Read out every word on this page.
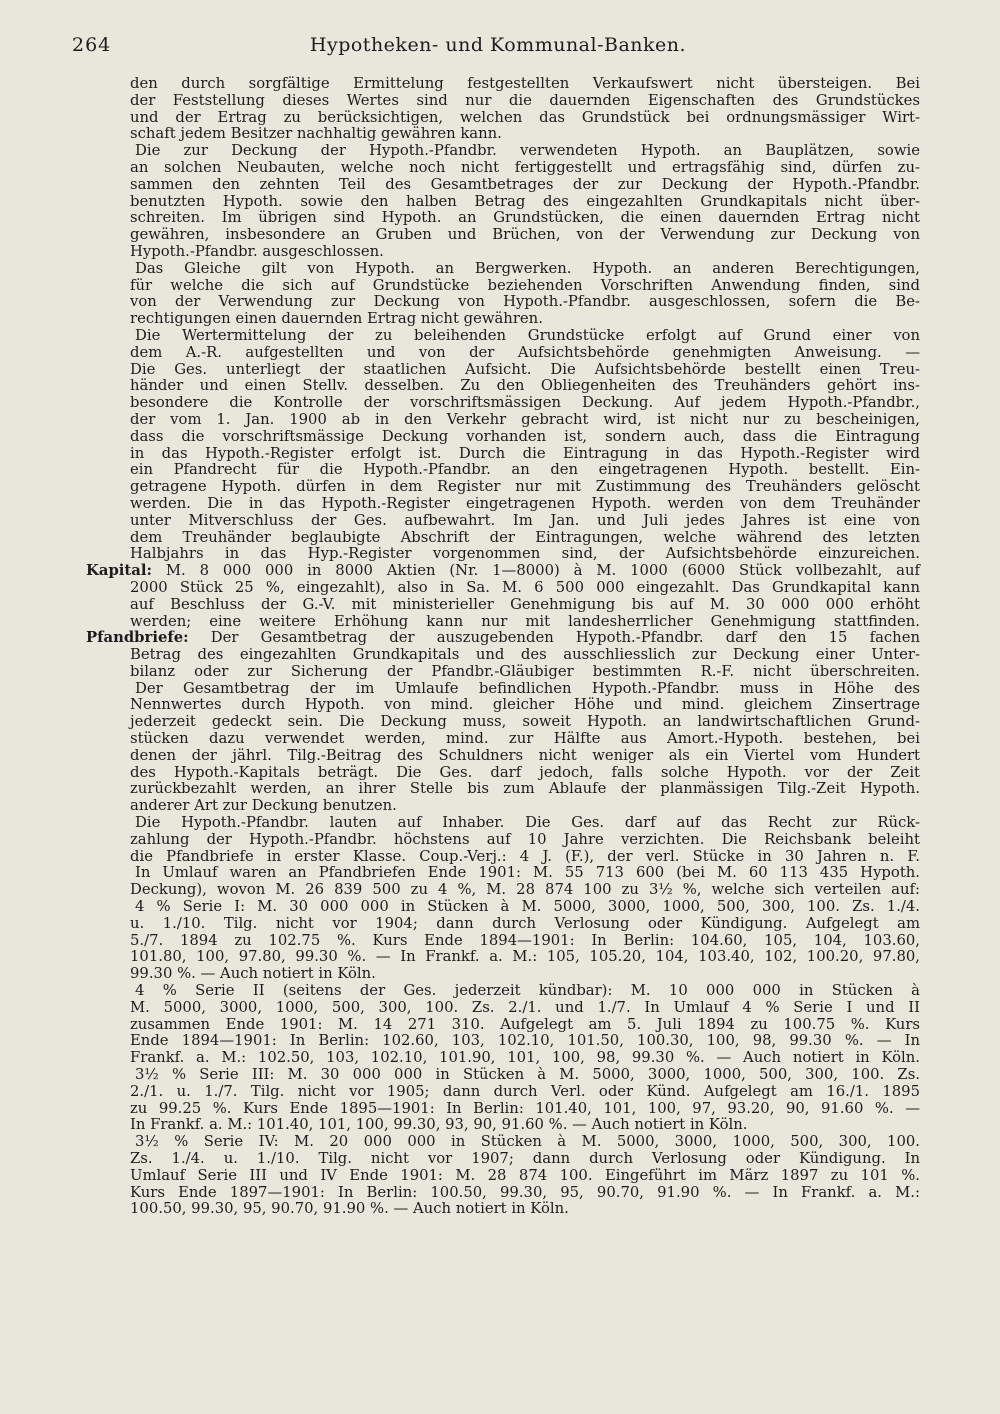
264	Hypotheken- und Kommunal-Banken.
den durch sorgfältige Ermittelung festgestellten Verkaufswert nicht übersteigen. Bei
der Feststellung dieses Wertes sind nur die dauernden Eigenschaften des Grundstückes
und der Ertrag zu berücksichtigen, welchen das Grundstück bei ordnungsmässiger Wirt-
schaft jedem Besitzer nachhaltig gewähren kann.
Die zur Deckung der Hypoth.-Pfandbr. verwendeten Hypoth. an Bauplätzen, sowie
an solchen Neubauten, welche noch nicht fertiggestellt und ertragsfähig sind, dürfen zu-
sammen den zehnten Teil des Gesamtbetrages der zur Deckung der Hypoth.-Pfandbr.
benutzten Hypoth. sowie den halben Betrag des eingezahlten Grundkapitals nicht über-
schreiten. Im übrigen sind Hypoth. an Grundstücken, die einen dauernden Ertrag nicht
gewähren, insbesondere an Gruben und Brüchen, von der Verwendung zur Deckung von
Hypoth.-Pfandbr. ausgeschlossen.
Das Gleiche gilt von Hypoth. an Bergwerken. Hypoth. an anderen Berechtigungen,
für welche die sich auf Grundstücke beziehenden Vorschriften Anwendung finden, sind
von der Verwendung zur Deckung von Hypoth.-Pfandbr. ausgeschlossen, sofern die Be-
rechtigungen einen dauernden Ertrag nicht gewähren.
Die Wertermittelung der zu beleihenden Grundstücke erfolgt auf Grund einer von
dem A.-R. aufgestellten und von der Aufsichtsbehörde genehmigten Anweisung. —
Die Ges. unterliegt der staatlichen Aufsicht. Die Aufsichtsbehörde bestellt einen Treu-
händer und einen Stellv. desselben. Zu den Obliegenheiten des Treuhänders gehört ins-
besondere die Kontrolle der vorschriftsmässigen Deckung. Auf jedem Hypoth.-Pfandbr.,
der vom 1. Jan. 1900 ab in den Verkehr gebracht wird, ist nicht nur zu bescheinigen,
dass die vorschriftsmässige Deckung vorhanden ist, sondern auch, dass die Eintragung
in das Hypoth.-Register erfolgt ist. Durch die Eintragung in das Hypoth.-Register wird
ein Pfandrecht für die Hypoth.-Pfandbr. an den eingetragenen Hypoth. bestellt. Ein-
getragene Hypoth. dürfen in dem Register nur mit Zustimmung des Treuhänders gelöscht
werden. Die in das Hypoth.-Register eingetragenen Hypoth. werden von dem Treuhänder
unter Mitverschluss der Ges. aufbewahrt. Im Jan. und Juli jedes Jahres ist eine von
dem Treuhänder beglaubigte Abschrift der Eintragungen, welche während des letzten
Halbjahrs in das Hyp.-Register vorgenommen sind, der Aufsichtsbehörde einzureichen.
Kapital: M. 8 000 000 in 8000 Aktien (Nr. 1—8000) à M. 1000 (6000 Stück vollbezahlt, auf
2000 Stück 25 %, eingezahlt), also in Sa. M. 6 500 000 eingezahlt. Das Grundkapital kann
auf Beschluss der G.-V. mit ministerieller Genehmigung bis auf M. 30 000 000 erhöht
werden; eine weitere Erhöhung kann nur mit landesherrlicher Genehmigung stattfinden.
Pfandbriefe: Der Gesamtbetrag der auszugebenden Hypoth.-Pfandbr. darf den 15 fachen
Betrag des eingezahlten Grundkapitals und des ausschliesslich zur Deckung einer Unter-
bilanz oder zur Sicherung der Pfandbr.-Gläubiger bestimmten R.-F. nicht überschreiten.
Der Gesamtbetrag der im Umlaufe befindlichen Hypoth.-Pfandbr. muss in Höhe des
Nennwertes durch Hypoth. von mind. gleicher Höhe und mind. gleichem Zinsertrage
jederzeit gedeckt sein. Die Deckung muss, soweit Hypoth. an landwirtschaftlichen Grund-
stücken dazu verwendet werden, mind. zur Hälfte aus Amort.-Hypoth. bestehen, bei
denen der jährl. Tilg.-Beitrag des Schuldners nicht weniger als ein Viertel vom Hundert
des Hypoth.-Kapitals beträgt. Die Ges. darf jedoch, falls solche Hypoth. vor der Zeit
zurückbezahlt werden, an ihrer Stelle bis zum Ablaufe der planmässigen Tilg.-Zeit Hypoth.
anderer Art zur Deckung benutzen.
Die Hypoth.-Pfandbr. lauten auf Inhaber. Die Ges. darf auf das Recht zur Rück-
zahlung der Hypoth.-Pfandbr. höchstens auf 10 Jahre verzichten. Die Reichsbank beleiht
die Pfandbriefe in erster Klasse. Coup.-Verj.: 4 J. (F.), der verl. Stücke in 30 Jahren n. F.
In Umlauf waren an Pfandbriefen Ende 1901: M. 55 713 600 (bei M. 60 113 435 Hypoth.
Deckung), wovon M. 26 839 500 zu 4 %, M. 28 874 100 zu 3½ %, welche sich verteilen auf:
4 % Serie I: M. 30 000 000 in Stücken à M. 5000, 3000, 1000, 500, 300, 100. Zs. 1./4.
u. 1./10. Tilg. nicht vor 1904; dann durch Verlosung oder Kündigung. Aufgelegt am
5./7. 1894 zu 102.75 %. Kurs Ende 1894—1901: In Berlin: 104.60, 105, 104, 103.60,
101.80, 100, 97.80, 99.30 %. — In Frankf. a. M.: 105, 105.20, 104, 103.40, 102, 100.20, 97.80,
99.30 %. — Auch notiert in Köln.
4 % Serie II (seitens der Ges. jederzeit kündbar): M. 10 000 000 in Stücken à
M. 5000, 3000, 1000, 500, 300, 100. Zs. 2./1. und 1./7. In Umlauf 4 % Serie I und II
zusammen Ende 1901: M. 14 271 310. Aufgelegt am 5. Juli 1894 zu 100.75 %. Kurs
Ende 1894—1901: In Berlin: 102.60, 103, 102.10, 101.50, 100.30, 100, 98, 99.30 %. — In
Frankf. a. M.: 102.50, 103, 102.10, 101.90, 101, 100, 98, 99.30 %. — Auch notiert in Köln.
3½ % Serie III: M. 30 000 000 in Stücken à M. 5000, 3000, 1000, 500, 300, 100. Zs.
2./1. u. 1./7. Tilg. nicht vor 1905; dann durch Verl. oder Künd. Aufgelegt am 16./1. 1895
zu 99.25 %. Kurs Ende 1895—1901: In Berlin: 101.40, 101, 100, 97, 93.20, 90, 91.60 %. —
In Frankf. a. M.: 101.40, 101, 100, 99.30, 93, 90, 91.60 %. — Auch notiert in Köln.
3½ % Serie IV: M. 20 000 000 in Stücken à M. 5000, 3000, 1000, 500, 300, 100.
Zs. 1./4. u. 1./10. Tilg. nicht vor 1907; dann durch Verlosung oder Kündigung. In
Umlauf Serie III und IV Ende 1901: M. 28 874 100. Eingeführt im März 1897 zu 101 %.
Kurs Ende 1897—1901: In Berlin: 100.50, 99.30, 95, 90.70, 91.90 %. — In Frankf. a. M.:
100.50, 99.30, 95, 90.70, 91.90 %. — Auch notiert in Köln.
